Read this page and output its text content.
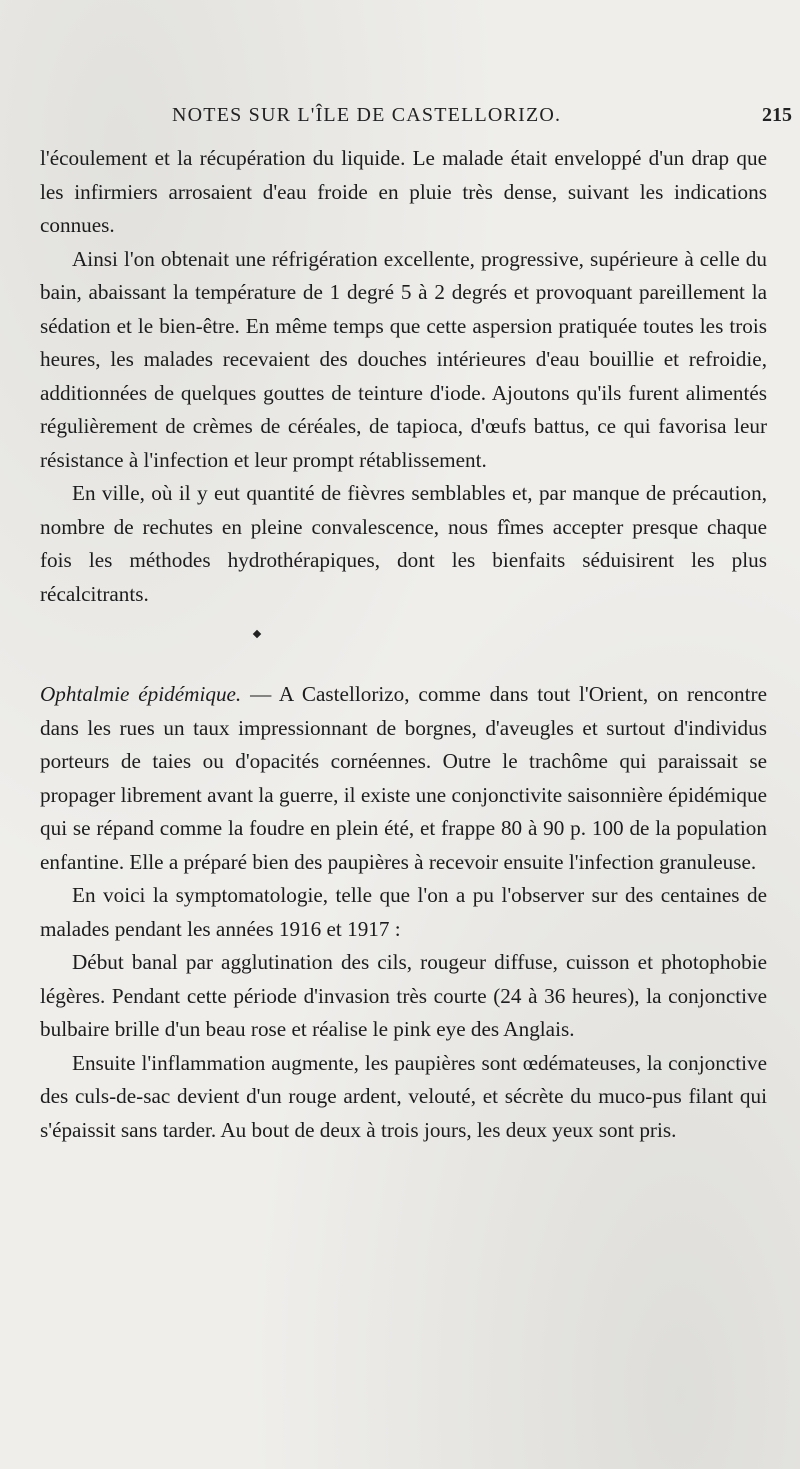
NOTES SUR L'ÎLE DE CASTELLORIZO.	215

l'écoulement et la récupération du liquide. Le malade était enveloppé d'un drap que les infirmiers arrosaient d'eau froide en pluie très dense, suivant les indications connues.

Ainsi l'on obtenait une réfrigération excellente, progressive, supérieure à celle du bain, abaissant la température de 1 degré 5 à 2 degrés et provoquant pareillement la sédation et le bien-être. En même temps que cette aspersion pratiquée toutes les trois heures, les malades recevaient des douches intérieures d'eau bouillie et refroidie, additionnées de quelques gouttes de teinture d'iode. Ajoutons qu'ils furent alimentés régulièrement de crèmes de céréales, de tapioca, d'œufs battus, ce qui favorisa leur résistance à l'infection et leur prompt rétablissement.

En ville, où il y eut quantité de fièvres semblables et, par manque de précaution, nombre de rechutes en pleine convalescence, nous fîmes accepter presque chaque fois les méthodes hydrothérapiques, dont les bienfaits séduisirent les plus récalcitrants.

Ophtalmie épidémique. — A Castellorizo, comme dans tout l'Orient, on rencontre dans les rues un taux impressionnant de borgnes, d'aveugles et surtout d'individus porteurs de taies ou d'opacités cornéennes. Outre le trachôme qui paraissait se propager librement avant la guerre, il existe une conjonctivite saisonnière épidémique qui se répand comme la foudre en plein été, et frappe 80 à 90 p. 100 de la population enfantine. Elle a préparé bien des paupières à recevoir ensuite l'infection granuleuse.

En voici la symptomatologie, telle que l'on a pu l'observer sur des centaines de malades pendant les années 1916 et 1917 :

Début banal par agglutination des cils, rougeur diffuse, cuisson et photophobie légères. Pendant cette période d'invasion très courte (24 à 36 heures), la conjonctive bulbaire brille d'un beau rose et réalise le pink eye des Anglais.

Ensuite l'inflammation augmente, les paupières sont œdémateuses, la conjonctive des culs-de-sac devient d'un rouge ardent, velouté, et sécrète du muco-pus filant qui s'épaissit sans tarder. Au bout de deux à trois jours, les deux yeux sont pris.
